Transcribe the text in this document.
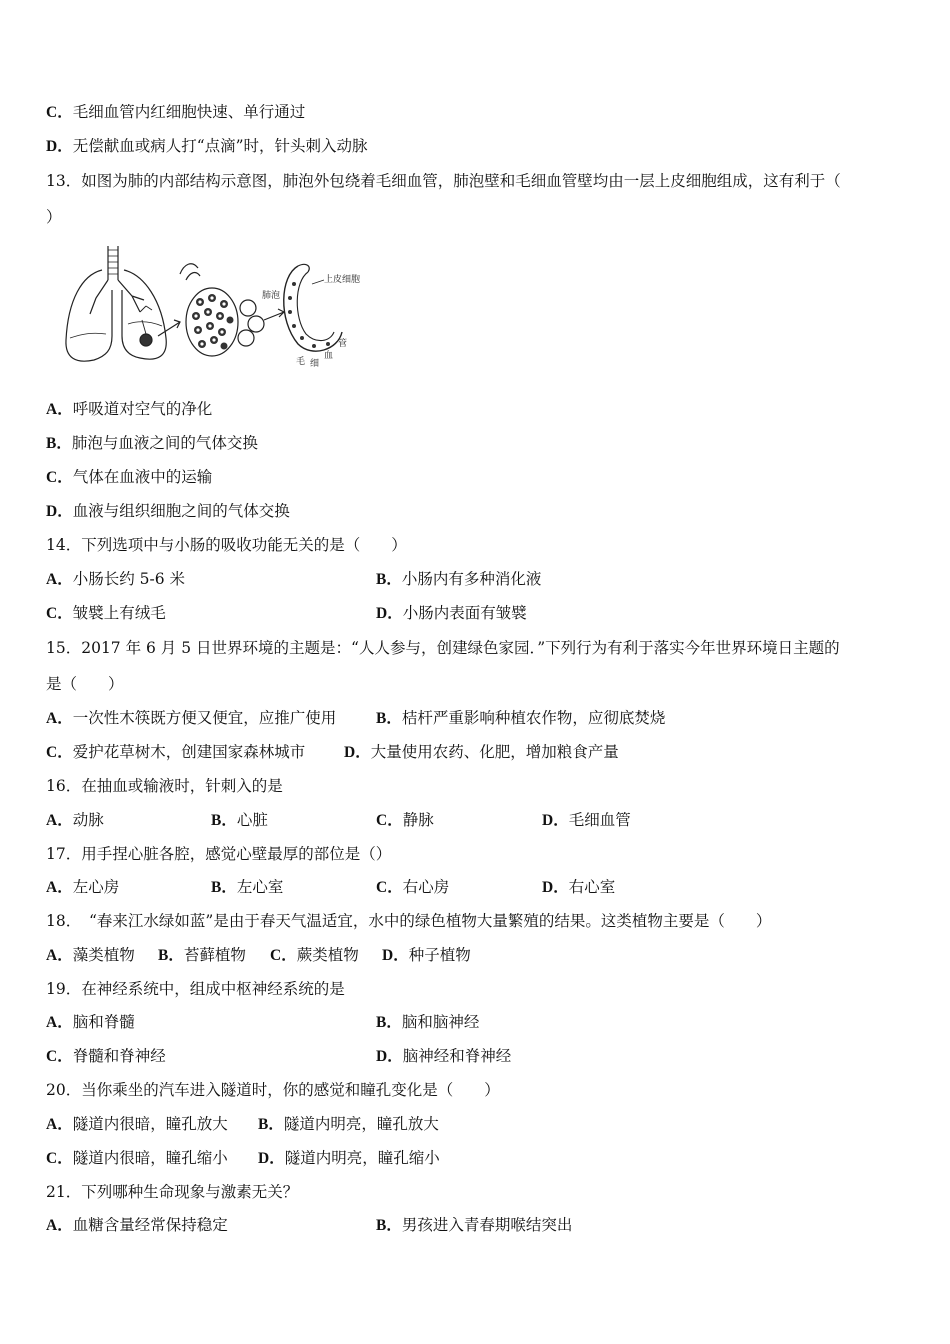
C．毛细血管内红细胞快速、单行通过
D．无偿献血或病人打“点滴”时，针头刺入动脉
13．如图为肺的内部结构示意图，肺泡外包绕着毛细血管，肺泡壁和毛细血管壁均由一层上皮细胞组成，这有利于（
）
肺泡
上皮细胞
毛 细
血
管
A．呼吸道对空气的净化
B．肺泡与血液之间的气体交换
C．气体在血液中的运输
D．血液与组织细胞之间的气体交换
14．下列选项中与小肠的吸收功能无关的是（　　）
A．小肠长约 5-6 米	B．小肠内有多种消化液
C．皱襞上有绒毛	D．小肠内表面有皱襞
15．2017 年 6 月 5 日世界环境的主题是：“人人参与，创建绿色家园．”下列行为有利于落实今年世界环境日主题的
是（　　）
A．一次性木筷既方便又便宜，应推广使用	B．桔杆严重影响种植农作物，应彻底焚烧
C．爱护花草树木，创建国家森林城市	D．大量使用农药、化肥，增加粮食产量
16．在抽血或输液时，针刺入的是
A．动脉	B．心脏	C．静脉	D．毛细血管
17．用手捏心脏各腔，感觉心壁最厚的部位是（）
A．左心房	B．左心室	C．右心房	D．右心室
18．　“春来江水绿如蓝”是由于春天气温适宜，水中的绿色植物大量繁殖的结果。这类植物主要是（　　）
A．藻类植物 B．苔藓植物 C．蕨类植物 D．种子植物
19．在神经系统中，组成中枢神经系统的是
A．脑和脊髓	B．脑和脑神经
C．脊髓和脊神经	D．脑神经和脊神经
20．当你乘坐的汽车进入隧道时，你的感觉和瞳孔变化是（　　）
A．隧道内很暗，瞳孔放大 B．隧道内明亮，瞳孔放大
C．隧道内很暗，瞳孔缩小 D．隧道内明亮，瞳孔缩小
21．下列哪种生命现象与激素无关？
A．血糖含量经常保持稳定	B．男孩进入青春期喉结突出
